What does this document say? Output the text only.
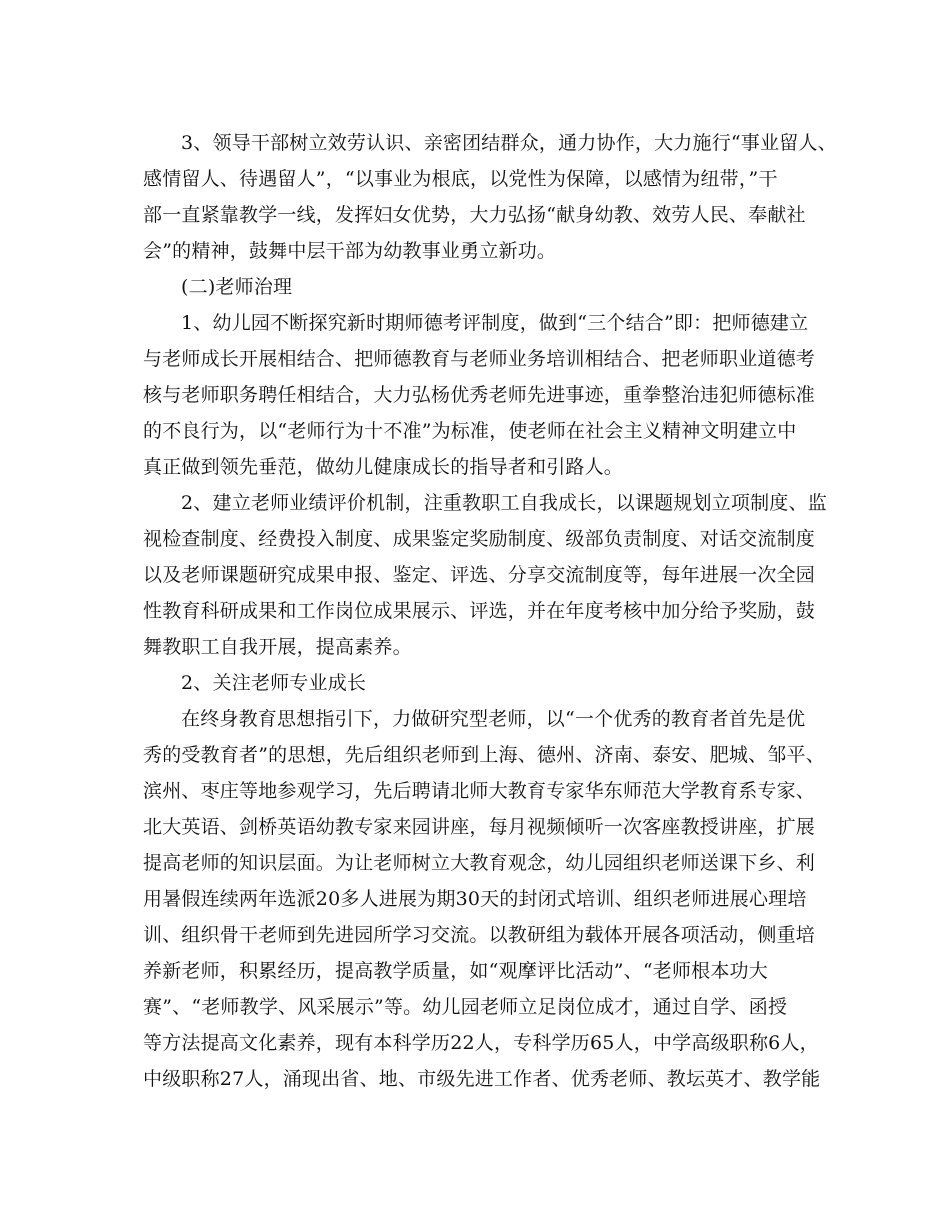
3、领导干部树立效劳认识、亲密团结群众，通力协作，大力施行“事业留人、
感情留人、待遇留人”，“以事业为根底，以党性为保障，以感情为纽带，”干
部一直紧靠教学一线，发挥妇女优势，大力弘扬“献身幼教、效劳人民、奉献社
会”的精神，鼓舞中层干部为幼教事业勇立新功。
(二)老师治理
1、幼儿园不断探究新时期师德考评制度，做到“三个结合”即：把师德建立
与老师成长开展相结合、把师德教育与老师业务培训相结合、把老师职业道德考
核与老师职务聘任相结合，大力弘杨优秀老师先进事迹，重拳整治违犯师德标准
的不良行为，以“老师行为十不准”为标准，使老师在社会主义精神文明建立中
真正做到领先垂范，做幼儿健康成长的指导者和引路人。
2、建立老师业绩评价机制，注重教职工自我成长，以课题规划立项制度、监
视检查制度、经费投入制度、成果鉴定奖励制度、级部负责制度、对话交流制度
以及老师课题研究成果申报、鉴定、评选、分享交流制度等，每年进展一次全园
性教育科研成果和工作岗位成果展示、评选，并在年度考核中加分给予奖励，鼓
舞教职工自我开展，提高素养。
2、关注老师专业成长
在终身教育思想指引下，力做研究型老师，以“一个优秀的教育者首先是优
秀的受教育者”的思想，先后组织老师到上海、德州、济南、泰安、肥城、邹平、
滨州、枣庄等地参观学习，先后聘请北师大教育专家华东师范大学教育系专家、
北大英语、剑桥英语幼教专家来园讲座，每月视频倾听一次客座教授讲座，扩展
提高老师的知识层面。为让老师树立大教育观念，幼儿园组织老师送课下乡、利
用暑假连续两年选派20多人进展为期30天的封闭式培训、组织老师进展心理培
训、组织骨干老师到先进园所学习交流。以教研组为载体开展各项活动，侧重培
养新老师，积累经历，提高教学质量，如“观摩评比活动”、“老师根本功大
赛”、“老师教学、风采展示”等。幼儿园老师立足岗位成才，通过自学、函授
等方法提高文化素养，现有本科学历22人，专科学历65人，中学高级职称6人，
中级职称27人，涌现出省、地、市级先进工作者、优秀老师、教坛英才、教学能
